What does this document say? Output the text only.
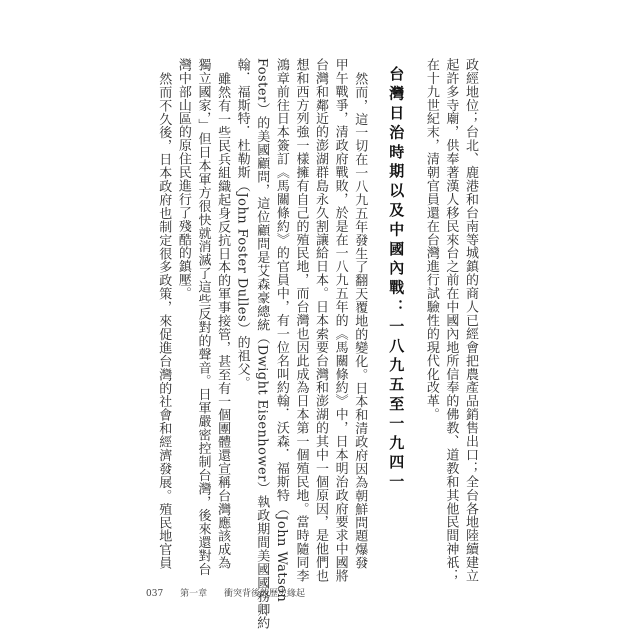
政經地位；台北、鹿港和台南等城鎮的商人已經會把農產品銷售出口；全台各地陸續建立
起許多寺廟，供奉著漢人移民來台之前在中國內地所信奉的佛教、道教和其他民間神祇；
在十九世紀末，清朝官員還在台灣進行試驗性的現代化改革。
台灣日治時期以及中國內戰：一八九五至一九四一
然而，這一切在一八九五年發生了翻天覆地的變化。日本和清政府因為朝鮮問題爆發
甲午戰爭，清政府戰敗，於是在一八九五年的《馬關條約》中，日本明治政府要求中國將
台灣和鄰近的澎湖群島永久割讓給日本。日本索要台灣和澎湖的其中一個原因，是他們也
想和西方列強一樣擁有自己的殖民地，而台灣也因此成為日本第一個殖民地。當時隨同李
鴻章前往日本簽訂《馬關條約》的官員中，有一位名叫約翰．沃森．福斯特（John Watson
Foster）的美國顧問，這位顧問是艾森豪總統（Dwight Eisenhower）執政期間美國國務卿約
翰．福斯特．杜勒斯（John Foster Dulles）的祖父。
雖然有一些民兵組織起身反抗日本的軍事接管，甚至有一個團體還宣稱台灣應該成為
獨立國家，」但日本軍方很快就消滅了這些反對的聲音。日軍嚴密控制台灣，後來還對台
灣中部山區的原住民進行了殘酷的鎮壓。
然而不久後，日本政府也制定很多政策，來促進台灣的社會和經濟發展。殖民地官員
037 第一章 衝突背後的歷史緣起
